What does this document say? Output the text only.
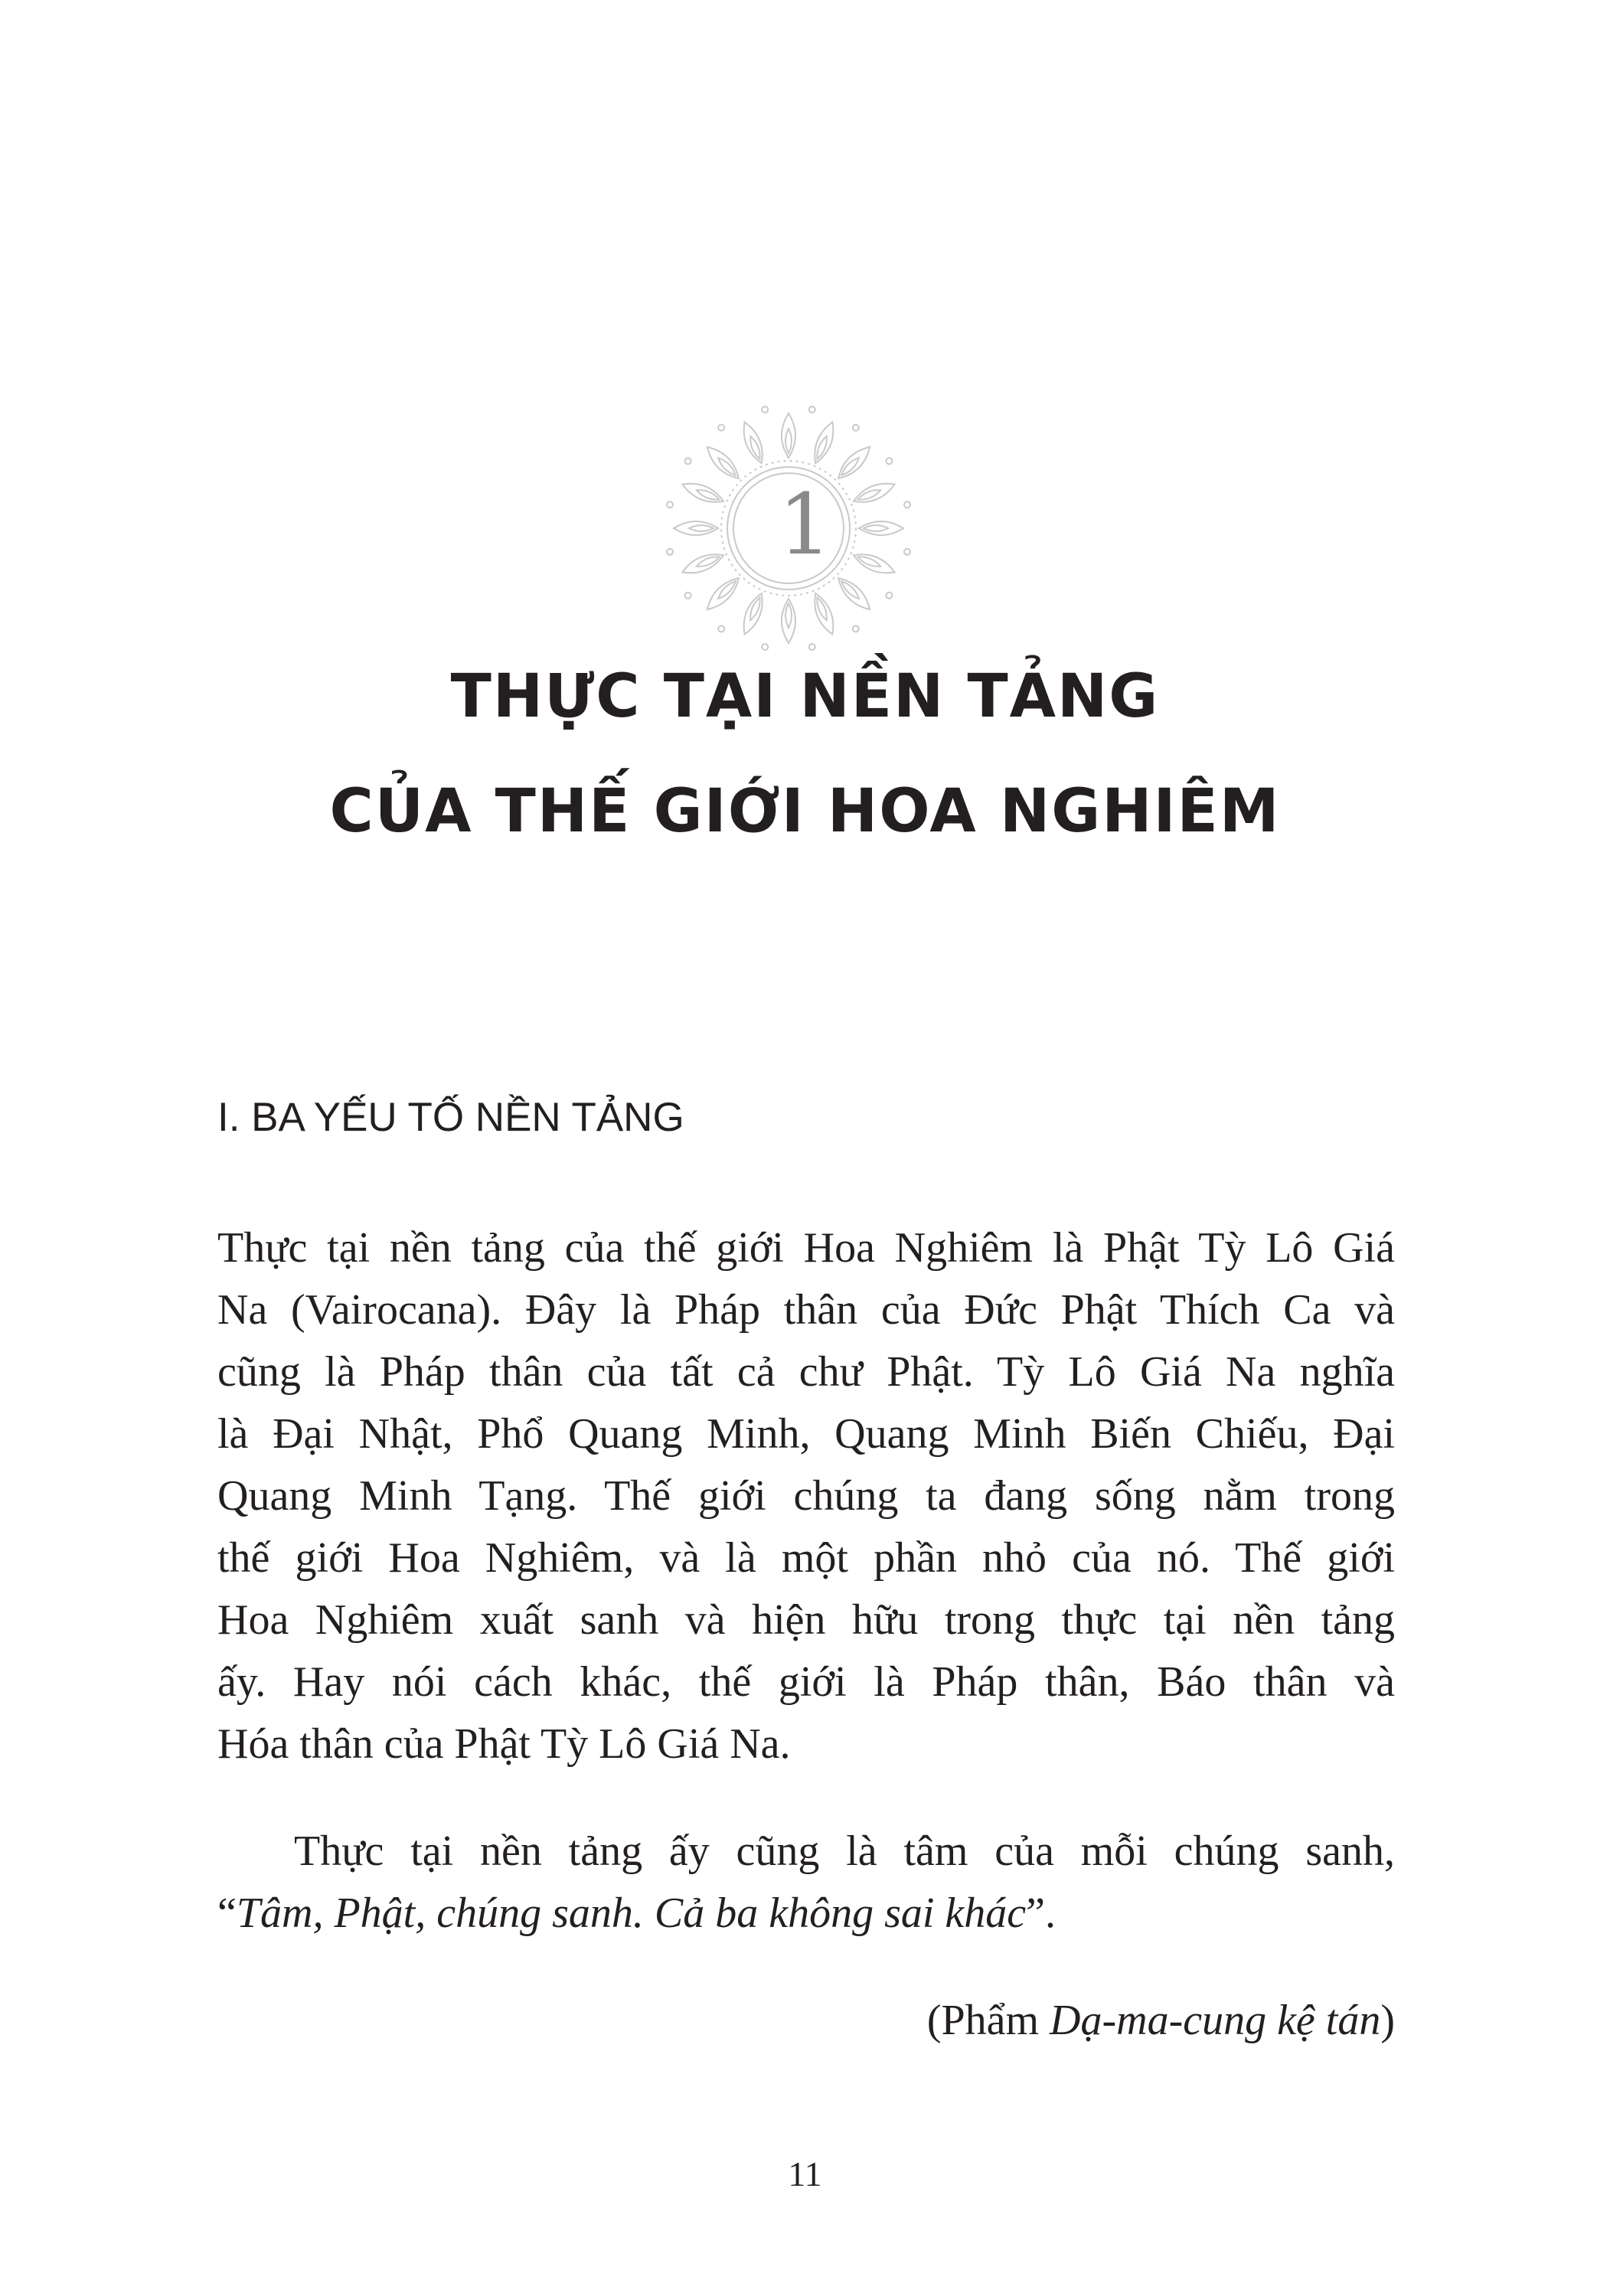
1
THỰC TẠI NỀN TẢNG
CỦA THẾ GIỚI HOA NGHIÊM
I. BA YẾU TỐ NỀN TẢNG
Thực tại nền tảng của thế giới Hoa Nghiêm là Phật Tỳ Lô Giá
Na (Vairocana). Đây là Pháp thân của Đức Phật Thích Ca và
cũng là Pháp thân của tất cả chư Phật. Tỳ Lô Giá Na nghĩa
là Đại Nhật, Phổ Quang Minh, Quang Minh Biến Chiếu, Đại
Quang Minh Tạng. Thế giới chúng ta đang sống nằm trong
thế giới Hoa Nghiêm, và là một phần nhỏ của nó. Thế giới
Hoa Nghiêm xuất sanh và hiện hữu trong thực tại nền tảng
ấy. Hay nói cách khác, thế giới là Pháp thân, Báo thân và
Hóa thân của Phật Tỳ Lô Giá Na.
Thực tại nền tảng ấy cũng là tâm của mỗi chúng sanh,
“Tâm, Phật, chúng sanh. Cả ba không sai khác”.
(Phẩm Dạ-ma-cung kệ tán)
11
